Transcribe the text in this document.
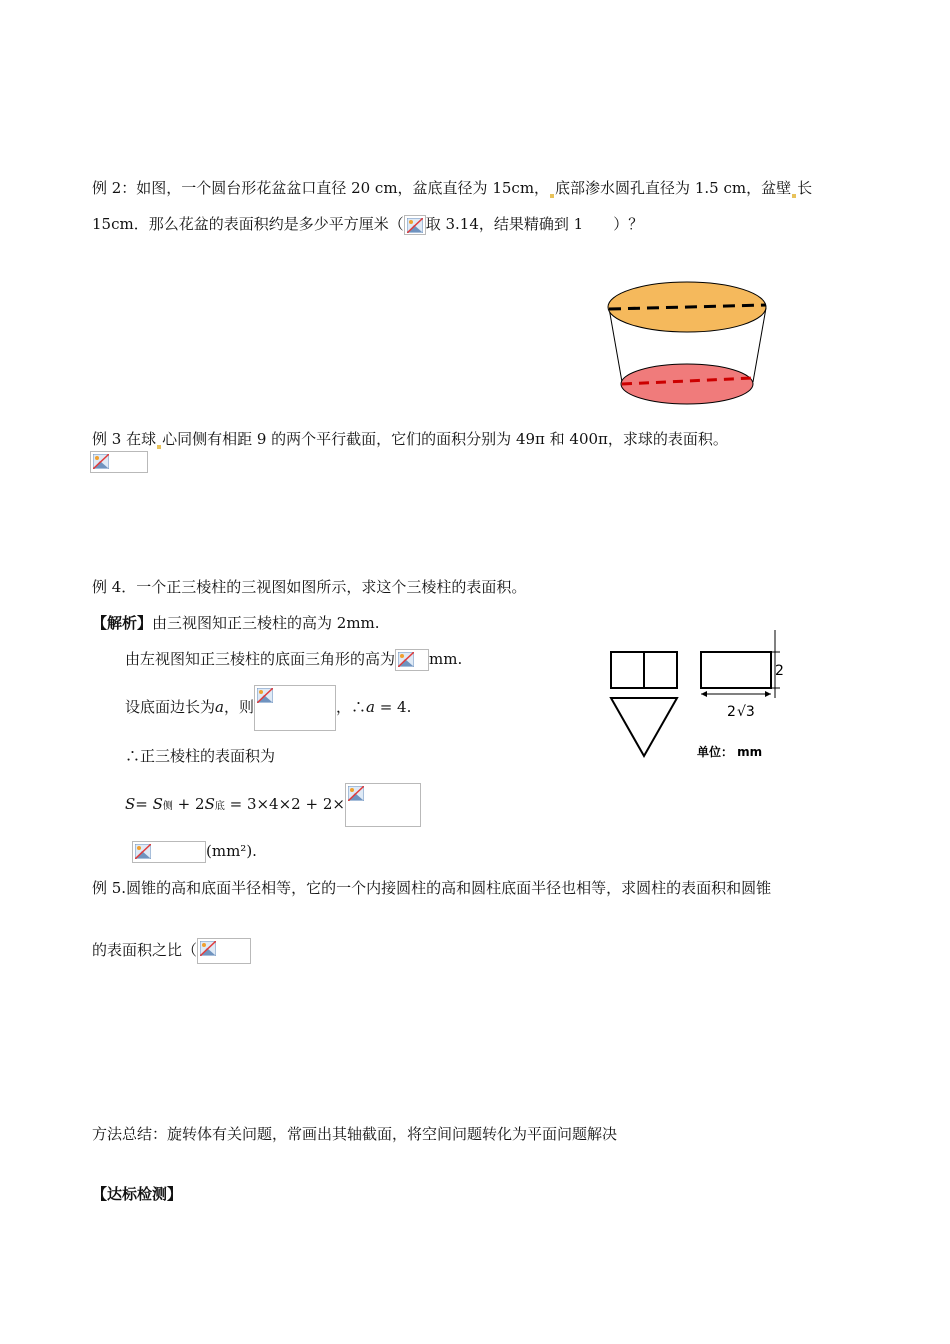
例 2：如图，一个圆台形花盆盆口直径 20 cm，盆底直径为 15cm， 底部渗水圆孔直径为 1.5 cm，盆壁 长
15cm．那么花盆的表面积约是多少平方厘米（ 取 3.14，结果精确到 1　　）？
例 3 在球 心同侧有相距 9 的两个平行截面，它们的面积分别为 49π 和 400π，求球的表面积。
例 4．一个正三棱柱的三视图如图所示，求这个三棱柱的表面积。
【解析】由三视图知正三棱柱的高为 2mm.
由左视图知正三棱柱的底面三角形的高为 mm.
设底面边长为a，则	，∴a = 4.
∴正三棱柱的表面积为
S= S侧 + 2S底 = 3×4×2 + 2×
(mm²).
2
2 √3
单位： mm
例 5.圆锥的高和底面半径相等，它的一个内接圆柱的高和圆柱底面半径也相等，求圆柱的表面积和圆锥
的表面积之比（
方法总结：旋转体有关问题，常画出其轴截面，将空间问题转化为平面问题解决
【达标检测】
